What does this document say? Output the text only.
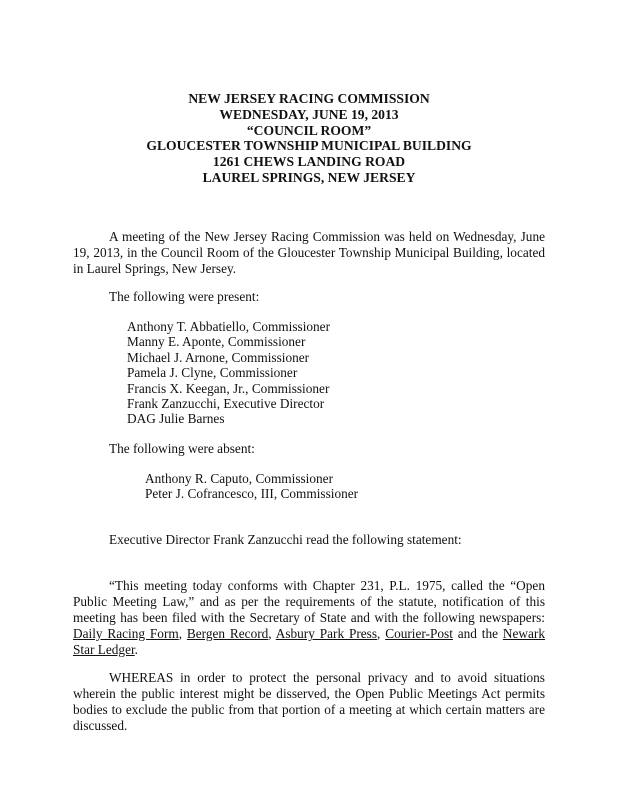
NEW JERSEY RACING COMMISSION
WEDNESDAY, JUNE 19, 2013
“COUNCIL ROOM”
GLOUCESTER TOWNSHIP MUNICIPAL BUILDING
1261 CHEWS LANDING ROAD
LAUREL SPRINGS, NEW JERSEY

A meeting of the New Jersey Racing Commission was held on Wednesday, June 19, 2013, in the Council Room of the Gloucester Township Municipal Building, located in Laurel Springs, New Jersey.

The following were present:
Anthony T. Abbatiello, Commissioner
Manny E. Aponte, Commissioner
Michael J. Arnone, Commissioner
Pamela J. Clyne, Commissioner
Francis X. Keegan, Jr., Commissioner
Frank Zanzucchi, Executive Director
DAG Julie Barnes
The following were absent:
Anthony R. Caputo, Commissioner
Peter J. Cofrancesco, III, Commissioner
Executive Director Frank Zanzucchi read the following statement:

“This meeting today conforms with Chapter 231, P.L. 1975, called the “Open Public Meeting Law,” and as per the requirements of the statute, notification of this meeting has been filed with the Secretary of State and with the following newspapers: Daily Racing Form, Bergen Record, Asbury Park Press, Courier-Post and the Newark Star Ledger.

WHEREAS in order to protect the personal privacy and to avoid situations wherein the public interest might be disserved, the Open Public Meetings Act permits bodies to exclude the public from that portion of a meeting at which certain matters are discussed.
